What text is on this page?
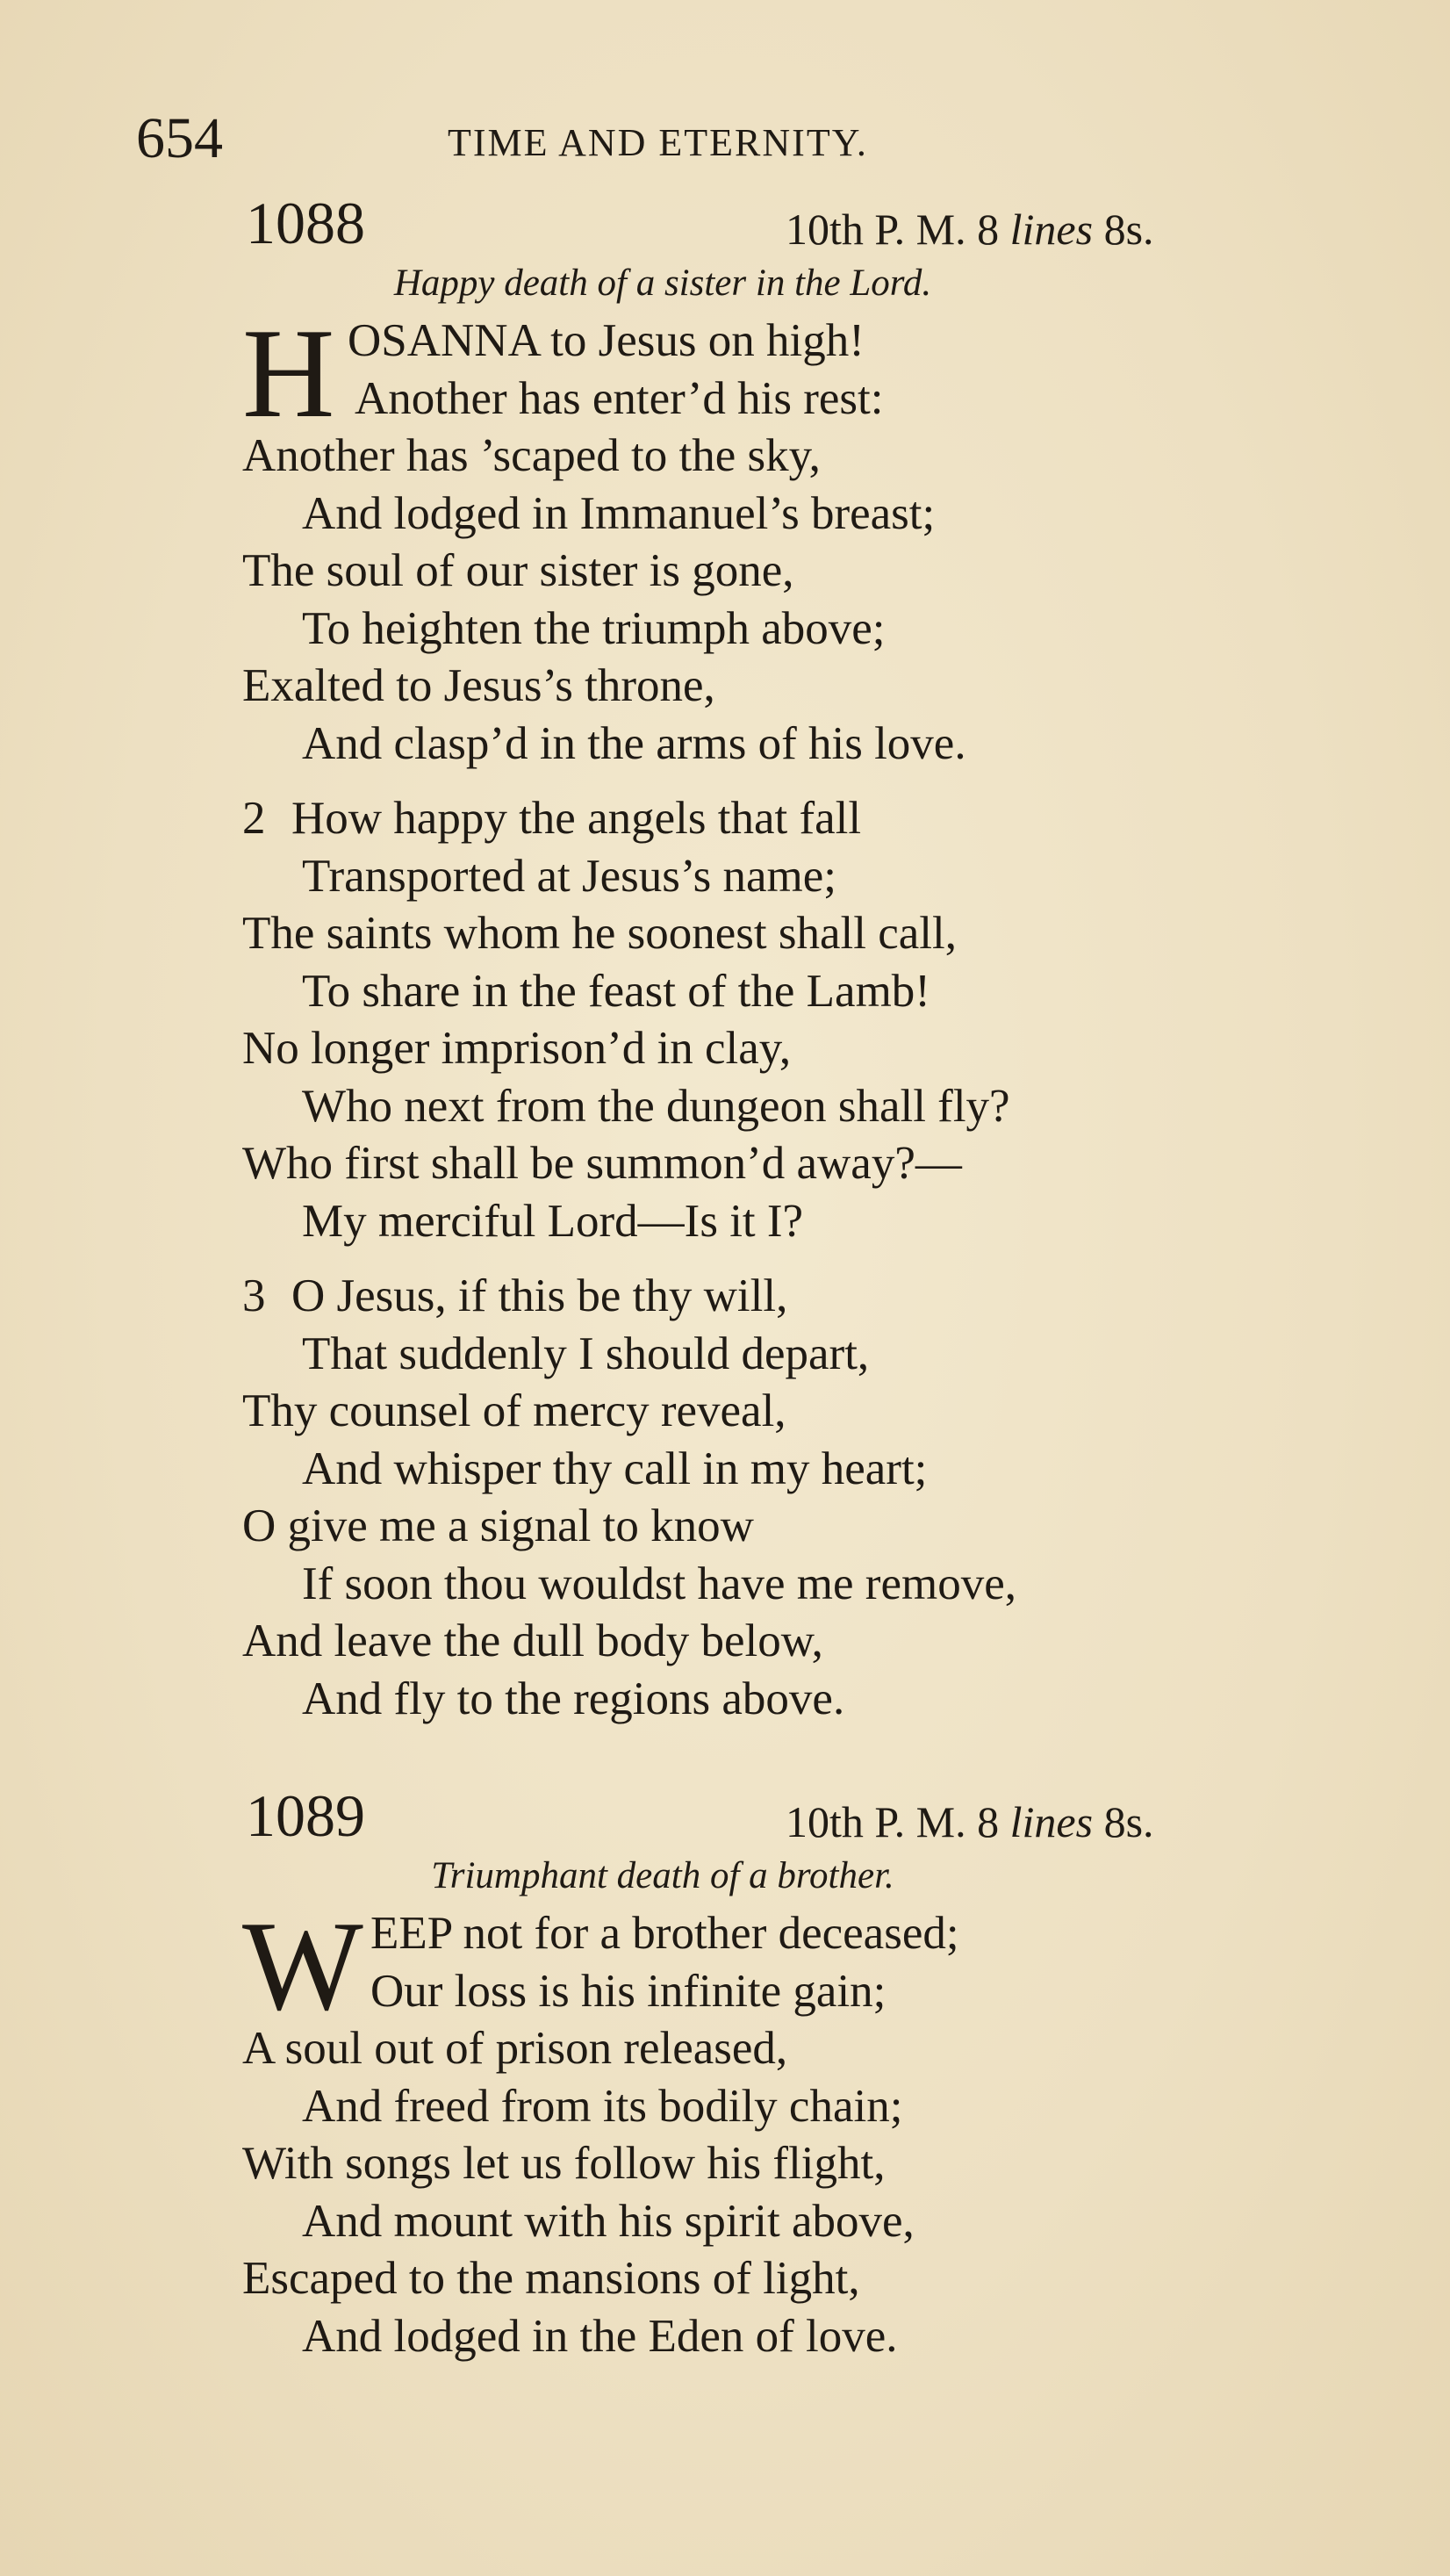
654	TIME AND ETERNITY.
1088	10th P. M. 8 lines 8s.
Happy death of a sister in the Lord.
H OSANNA to Jesus on high!
Another has enter’d his rest:
Another has ’scaped to the sky,
And lodged in Immanuel’s breast;
The soul of our sister is gone,
To heighten the triumph above;
Exalted to Jesus’s throne,
And clasp’d in the arms of his love.
2 How happy the angels that fall
Transported at Jesus’s name;
The saints whom he soonest shall call,
To share in the feast of the Lamb!
No longer imprison’d in clay,
Who next from the dungeon shall fly?
Who first shall be summon’d away?—
My merciful Lord—Is it I?
3 O Jesus, if this be thy will,
That suddenly I should depart,
Thy counsel of mercy reveal,
And whisper thy call in my heart;
O give me a signal to know
If soon thou wouldst have me remove,
And leave the dull body below,
And fly to the regions above.
1089	10th P. M. 8 lines 8s.
Triumphant death of a brother.
W EEP not for a brother deceased;
Our loss is his infinite gain;
A soul out of prison released,
And freed from its bodily chain;
With songs let us follow his flight,
And mount with his spirit above,
Escaped to the mansions of light,
And lodged in the Eden of love.
